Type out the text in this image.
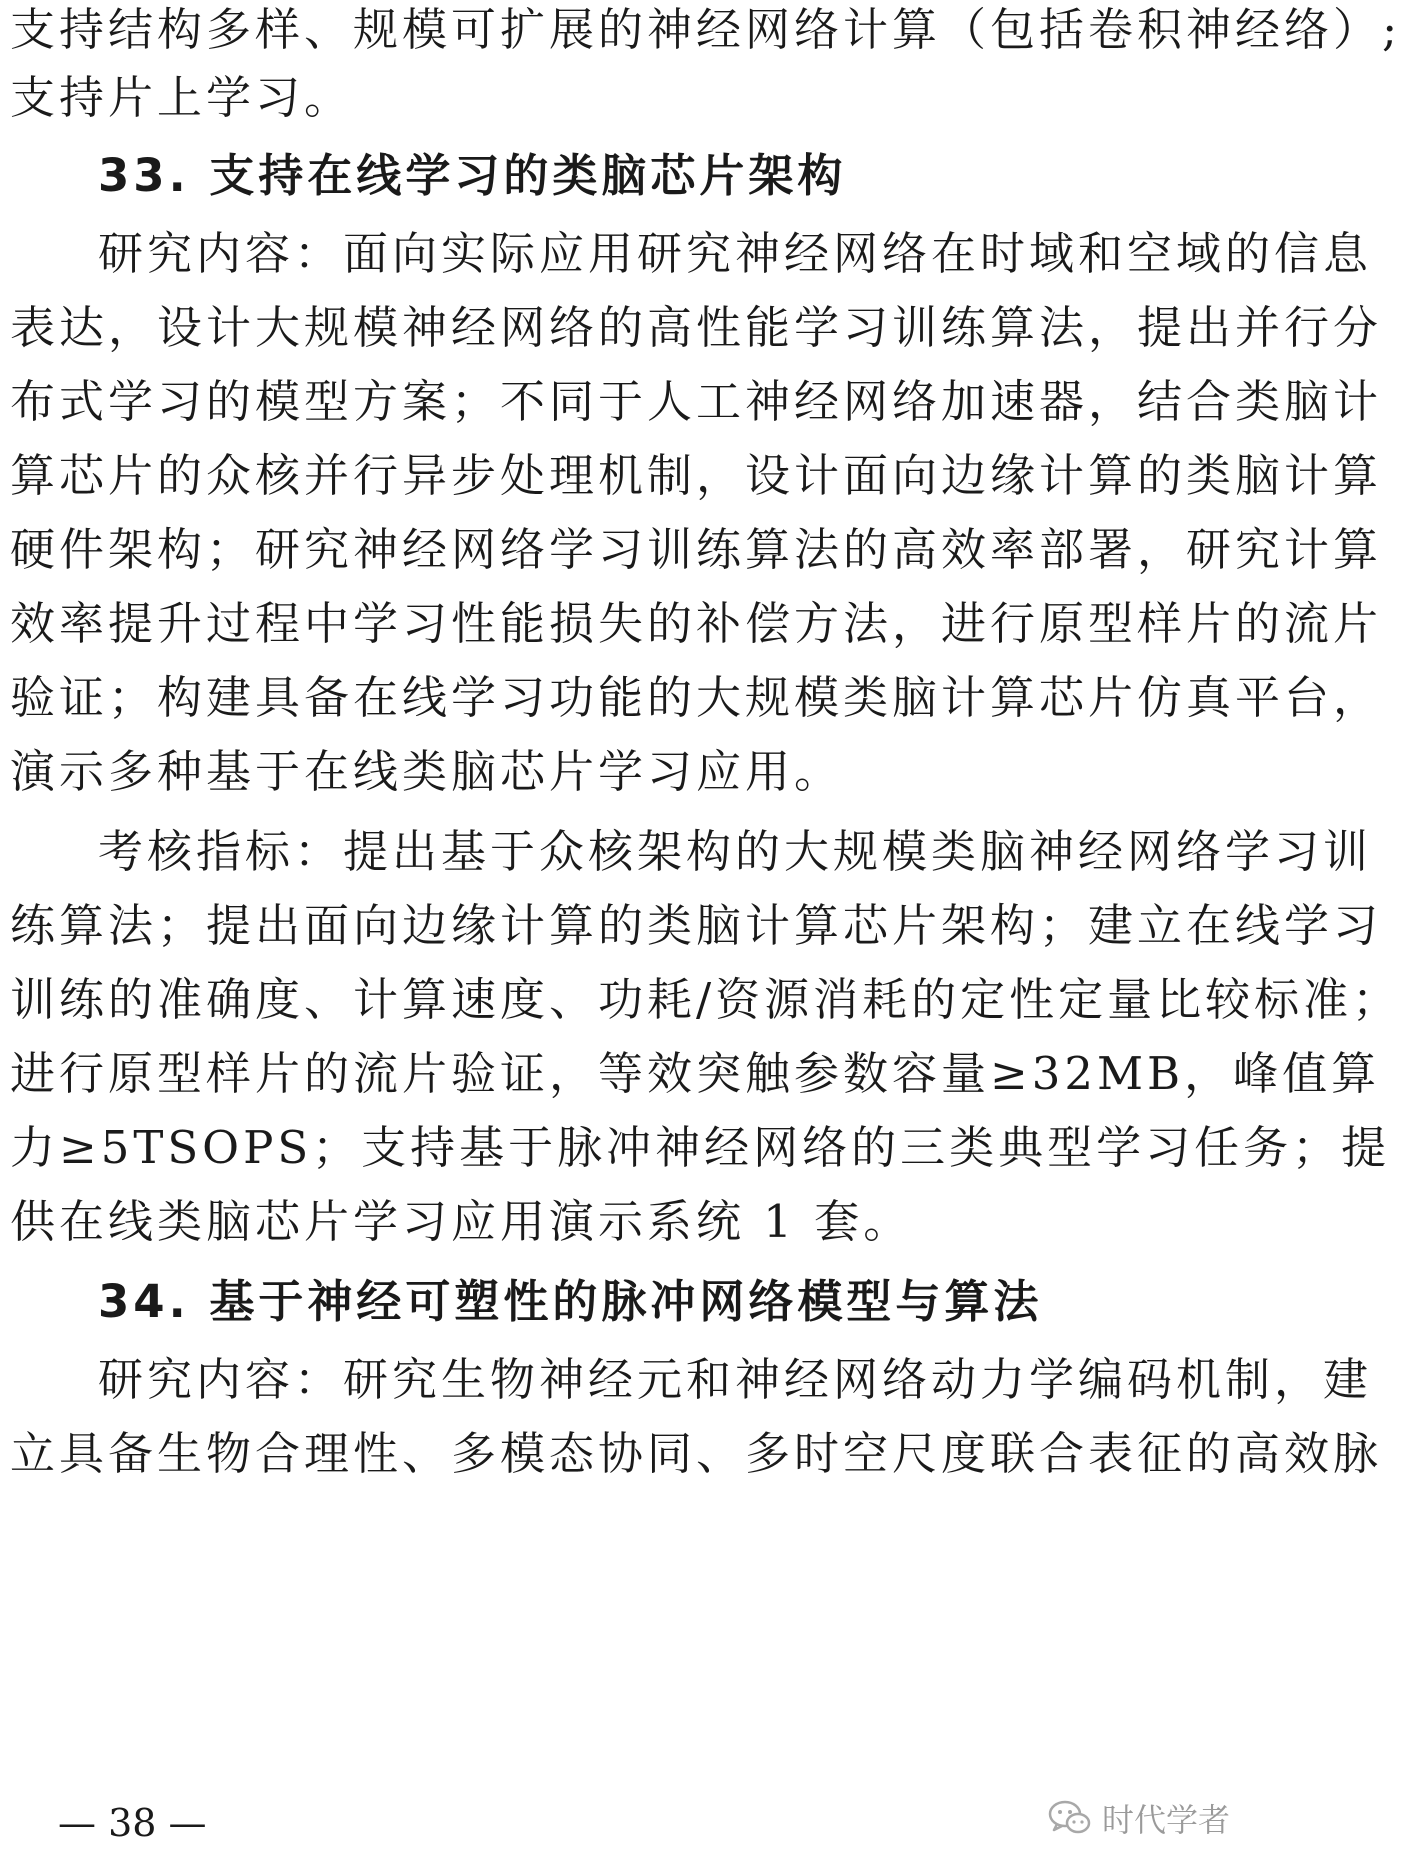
支持结构多样、规模可扩展的神经网络计算（包括卷积神经络）;
支持片上学习。
33. 支持在线学习的类脑芯片架构
研究内容：面向实际应用研究神经网络在时域和空域的信息
表达，设计大规模神经网络的高性能学习训练算法，提出并行分
布式学习的模型方案；不同于人工神经网络加速器，结合类脑计
算芯片的众核并行异步处理机制，设计面向边缘计算的类脑计算
硬件架构；研究神经网络学习训练算法的高效率部署，研究计算
效率提升过程中学习性能损失的补偿方法，进行原型样片的流片
验证；构建具备在线学习功能的大规模类脑计算芯片仿真平台，
演示多种基于在线类脑芯片学习应用。
考核指标：提出基于众核架构的大规模类脑神经网络学习训
练算法；提出面向边缘计算的类脑计算芯片架构；建立在线学习
训练的准确度、计算速度、功耗/资源消耗的定性定量比较标准；
进行原型样片的流片验证，等效突触参数容量≥32MB，峰值算
力≥5TSOPS；支持基于脉冲神经网络的三类典型学习任务；提
供在线类脑芯片学习应用演示系统 1 套。
34. 基于神经可塑性的脉冲网络模型与算法
研究内容：研究生物神经元和神经网络动力学编码机制，建
立具备生物合理性、多模态协同、多时空尺度联合表征的高效脉
— 38 —	时代学者
